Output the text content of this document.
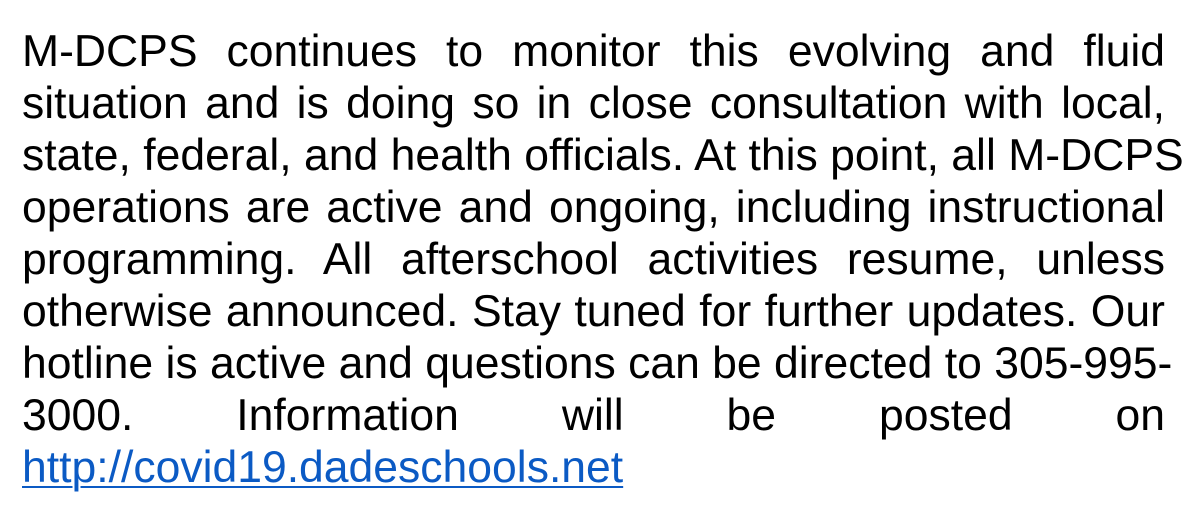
M-DCPS continues to monitor this evolving and fluid
situation and is doing so in close consultation with local,
state, federal, and health officials. At this point, all M-DCPS
operations are active and ongoing, including instructional
programming. All afterschool activities resume, unless
otherwise announced. Stay tuned for further updates. Our
hotline is active and questions can be directed to 305-995-
3000. Information will be posted on
http://covid19.dadeschools.net
